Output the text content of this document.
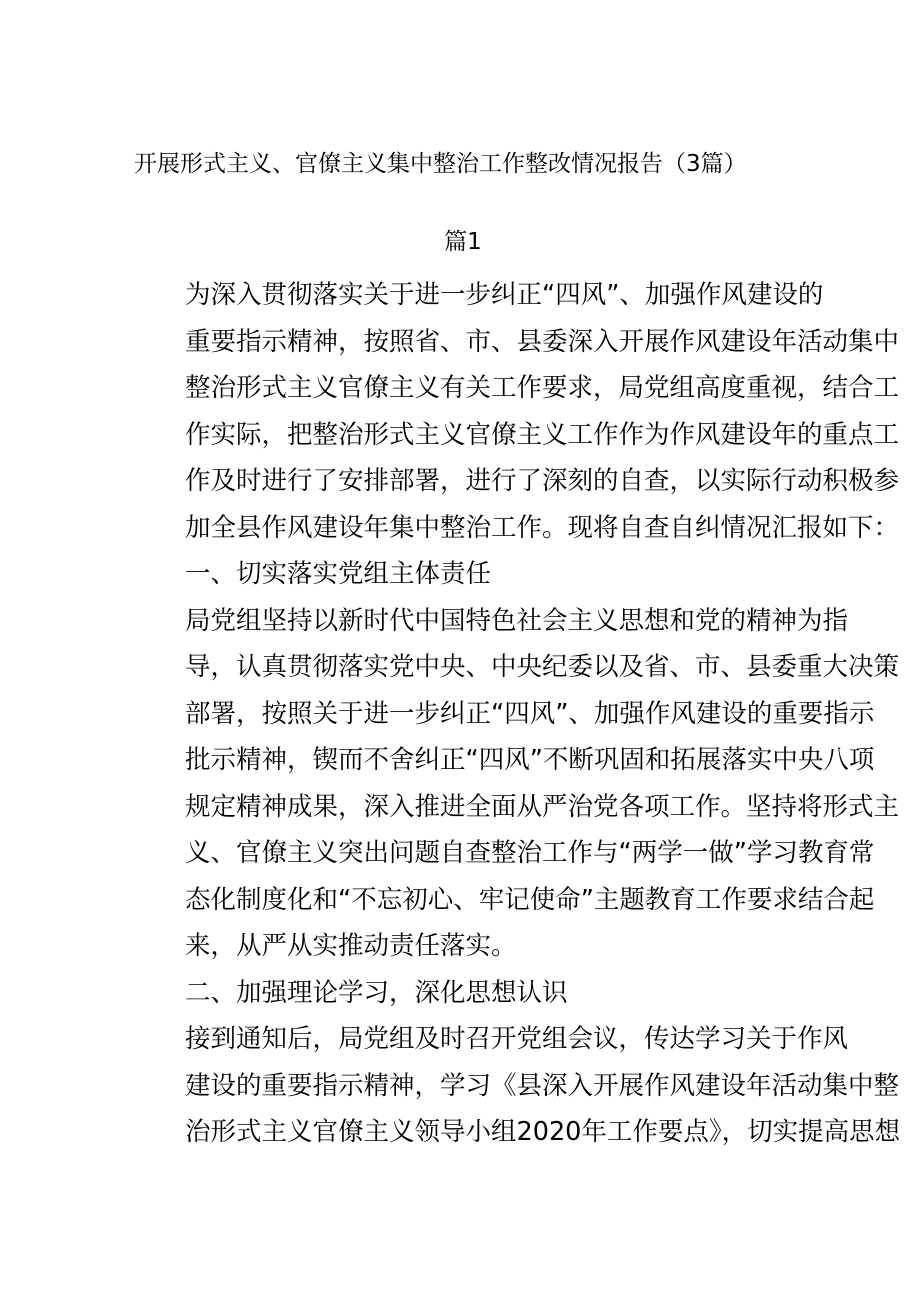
开展形式主义、官僚主义集中整治工作整改情况报告（3篇）
篇1

为深入贯彻落实关于进一步纠正“四风”、加强作风建设的
重要指示精神，按照省、市、县委深入开展作风建设年活动集中
整治形式主义官僚主义有关工作要求，局党组高度重视，结合工
作实际，把整治形式主义官僚主义工作作为作风建设年的重点工
作及时进行了安排部署，进行了深刻的自查，以实际行动积极参
加全县作风建设年集中整治工作。现将自查自纠情况汇报如下：

一、切实落实党组主体责任

局党组坚持以新时代中国特色社会主义思想和党的精神为指
导，认真贯彻落实党中央、中央纪委以及省、市、县委重大决策
部署，按照关于进一步纠正“四风”、加强作风建设的重要指示
批示精神，锲而不舍纠正“四风”不断巩固和拓展落实中央八项
规定精神成果，深入推进全面从严治党各项工作。坚持将形式主
义、官僚主义突出问题自查整治工作与“两学一做”学习教育常
态化制度化和“不忘初心、牢记使命”主题教育工作要求结合起
来，从严从实推动责任落实。

二、加强理论学习，深化思想认识

接到通知后，局党组及时召开党组会议，传达学习关于作风
建设的重要指示精神，学习《县深入开展作风建设年活动集中整
治形式主义官僚主义领导小组2020年工作要点》，切实提高思想
